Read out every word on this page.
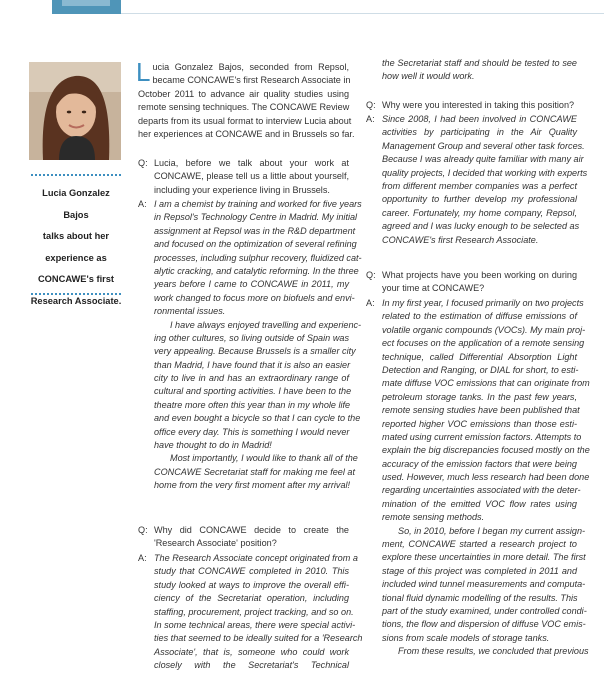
Lucia Gonzalez Bajos
talks about her
experience as
CONCAWE's first
Research Associate.
L ucia Gonzalez Bajos, seconded from Repsol,
became CONCAWE's first Research Associate in
October 2011 to advance air quality studies using
remote sensing techniques. The CONCAWE Review
departs from its usual format to interview Lucia about
her experiences at CONCAWE and in Brussels so far.
Q: Lucia, before we talk about your work at
CONCAWE, please tell us a little about yourself,
including your experience living in Brussels.
A: I am a chemist by training and worked for five years
in Repsol's Technology Centre in Madrid. My initial
assignment at Repsol was in the R&D department
and focused on the optimization of several refining
processes, including sulphur recovery, fluidized cat-
alytic cracking, and catalytic reforming. In the three
years before I came to CONCAWE in 2011, my
work changed to focus more on biofuels and envi-
ronmental issues.
I have always enjoyed travelling and experienc-
ing other cultures, so living outside of Spain was
very appealing. Because Brussels is a smaller city
than Madrid, I have found that it is also an easier
city to live in and has an extraordinary range of
cultural and sporting activities. I have been to the
theatre more often this year than in my whole life
and even bought a bicycle so that I can cycle to the
office every day. This is something I would never
have thought to do in Madrid!
Most importantly, I would like to thank all of the
CONCAWE Secretariat staff for making me feel at
home from the very first moment after my arrival!
Q: Why did CONCAWE decide to create the
'Research Associate' position?
A: The Research Associate concept originated from a
study that CONCAWE completed in 2010. This
study looked at ways to improve the overall effi-
ciency of the Secretariat operation, including
staffing, procurement, project tracking, and so on.
In some technical areas, there were special activi-
ties that seemed to be ideally suited for a 'Research
Associate', that is, someone who could work
closely with the Secretariat's Technical
the Secretariat staff and should be tested to see
how well it would work.
Q: Why were you interested in taking this position?
A: Since 2008, I had been involved in CONCAWE
activities by participating in the Air Quality
Management Group and several other task forces.
Because I was already quite familiar with many air
quality projects, I decided that working with experts
from different member companies was a perfect
opportunity to further develop my professional
career. Fortunately, my home company, Repsol,
agreed and I was lucky enough to be selected as
CONCAWE's first Research Associate.
Q: What projects have you been working on during
your time at CONCAWE?
A: In my first year, I focused primarily on two projects
related to the estimation of diffuse emissions of
volatile organic compounds (VOCs). My main proj-
ect focuses on the application of a remote sensing
technique, called Differential Absorption Light
Detection and Ranging, or DIAL for short, to esti-
mate diffuse VOC emissions that can originate from
petroleum storage tanks. In the past few years,
remote sensing studies have been published that
reported higher VOC emissions than those esti-
mated using current emission factors. Attempts to
explain the big discrepancies focused mostly on the
accuracy of the emission factors that were being
used. However, much less research had been done
regarding uncertainties associated with the deter-
mination of the emitted VOC flow rates using
remote sensing methods.
So, in 2010, before I began my current assign-
ment, CONCAWE started a research project to
explore these uncertainties in more detail. The first
stage of this project was completed in 2011 and
included wind tunnel measurements and computa-
tional fluid dynamic modelling of the results. This
part of the study examined, under controlled condi-
tions, the flow and dispersion of diffuse VOC emis-
sions from scale models of storage tanks.
From these results, we concluded that previous
